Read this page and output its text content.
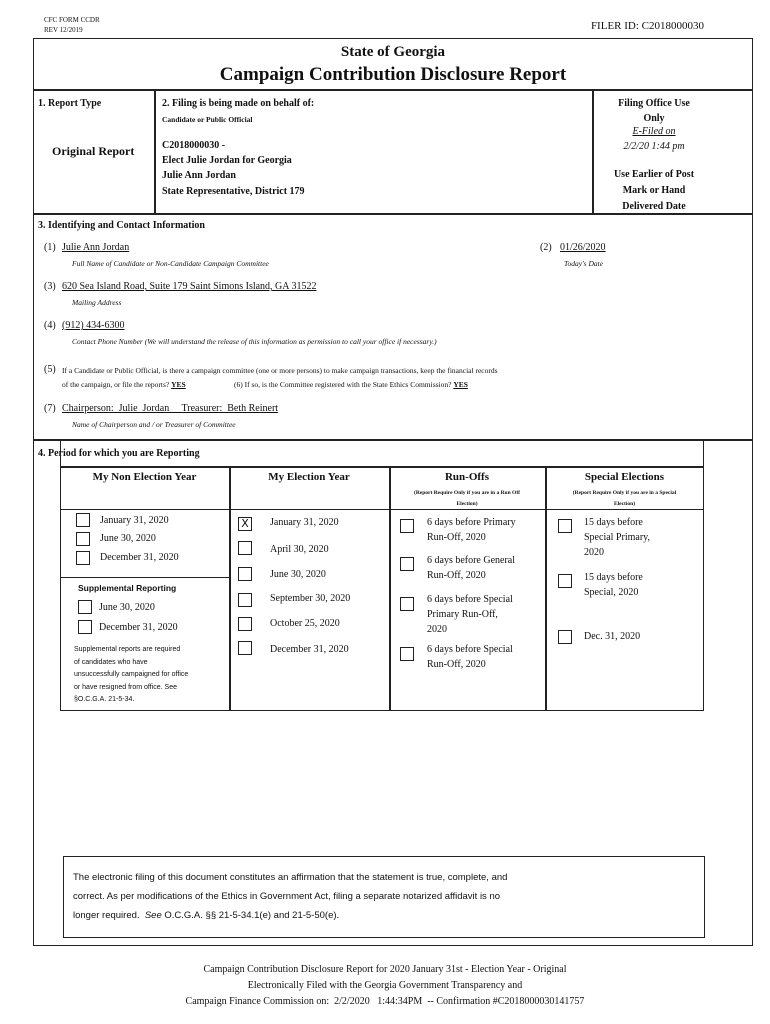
CFC FORM CCDR
REV 12/2019	FILER ID: C2018000030
State of Georgia
Campaign Contribution Disclosure Report
1. Report Type
Original Report
2. Filing is being made on behalf of:
Candidate or Public Official
C2018000030 -
Elect Julie Jordan for Georgia
Julie Ann Jordan
State Representative, District 179
Filing Office Use
Only
E-Filed on
2/2/20 1:44 pm
Use Earlier of Post
Mark or Hand
Delivered Date
3. Identifying and Contact Information
(1) Julie Ann Jordan
Full Name of Candidate or Non-Candidate Campaign Committee
(2) 01/26/2020
Today's Date
(3) 620 Sea Island Road, Suite 179 Saint Simons Island, GA 31522
Mailing Address
(4) (912) 434-6300
Contact Phone Number (We will understand the release of this information as permission to call your office if necessary.)
(5) If a Candidate or Public Official, is there a campaign committee (one or more persons) to make campaign transactions, keep the financial records
of the campaign, or file the reports? YES	(6) If so, is the Committee registered with the State Ethics Commission? YES
(7) Chairperson:  Julie  Jordan     Treasurer:  Beth Reinert
Name of Chairperson and / or Treasurer of Committee
4. Period for which you are Reporting
My Non Election Year
January 31, 2020
June 30, 2020
December 31, 2020
Supplemental Reporting
June 30, 2020
December 31, 2020
Supplemental reports are required
of candidates who have
unsuccessfully campaigned for office
or have resigned from office. See
§O.C.G.A. 21-5-34․
My Election Year
X	January 31, 2020
April 30, 2020
June 30, 2020
September 30, 2020
October 25, 2020
December 31, 2020
Run-Offs
(Report Require Only if you are in a Run Off
Election)
6 days before Primary
Run-Off, 2020
6 days before General
Run-Off, 2020
6 days before Special
Primary Run-Off,
2020
6 days before Special
Run-Off, 2020
Special Elections
(Report Require Only if you are in a Special
Election)
15 days before
Special Primary,
2020
15 days before
Special, 2020
Dec. 31, 2020
The electronic filing of this document constitutes an affirmation that the statement is true, complete, and
correct. As per modifications of the Ethics in Government Act, filing a separate notarized affidavit is no
longer required.  See O.C.G.A. §§ 21-5-34.1(e) and 21-5-50(e).
Campaign Contribution Disclosure Report for 2020 January 31st - Election Year - Original
Electronically Filed with the Georgia Government Transparency and
Campaign Finance Commission on:  2/2/2020   1:44:34PM  -- Confirmation #C2018000030141757
